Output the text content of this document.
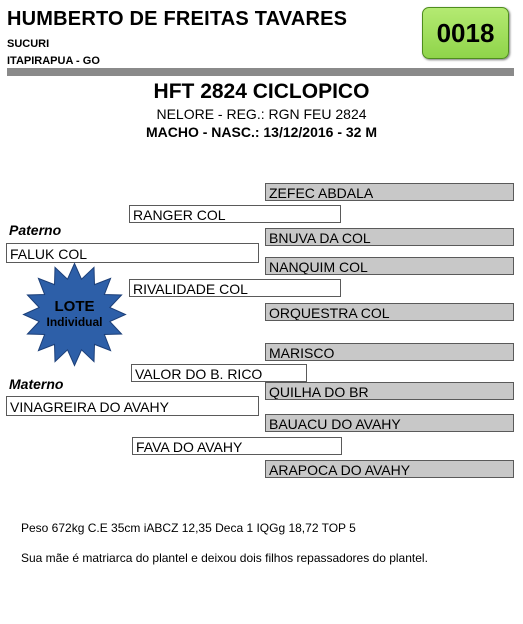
HUMBERTO DE FREITAS TAVARES
SUCURI
ITAPIRAPUA - GO
0018
HFT 2824 CICLOPICO
NELORE - REG.: RGN FEU 2824
MACHO - NASC.: 13/12/2016 - 32 M
ZEFEC ABDALA
RANGER COL
Paterno	BNUVA DA COL
FALUK COL
NANQUIM COL
RIVALIDADE COL
ORQUESTRA COL
MARISCO
VALOR DO B. RICO
Materno	QUILHA DO BR
VINAGREIRA DO AVAHY
BAUACU DO AVAHY
FAVA DO AVAHY
ARAPOCA DO AVAHY
LOTE
Individual
Peso 672kg C.E 35cm iABCZ 12,35 Deca 1 IQGg 18,72 TOP 5
Sua mãe é matriarca do plantel e deixou dois filhos repassadores do plantel.
